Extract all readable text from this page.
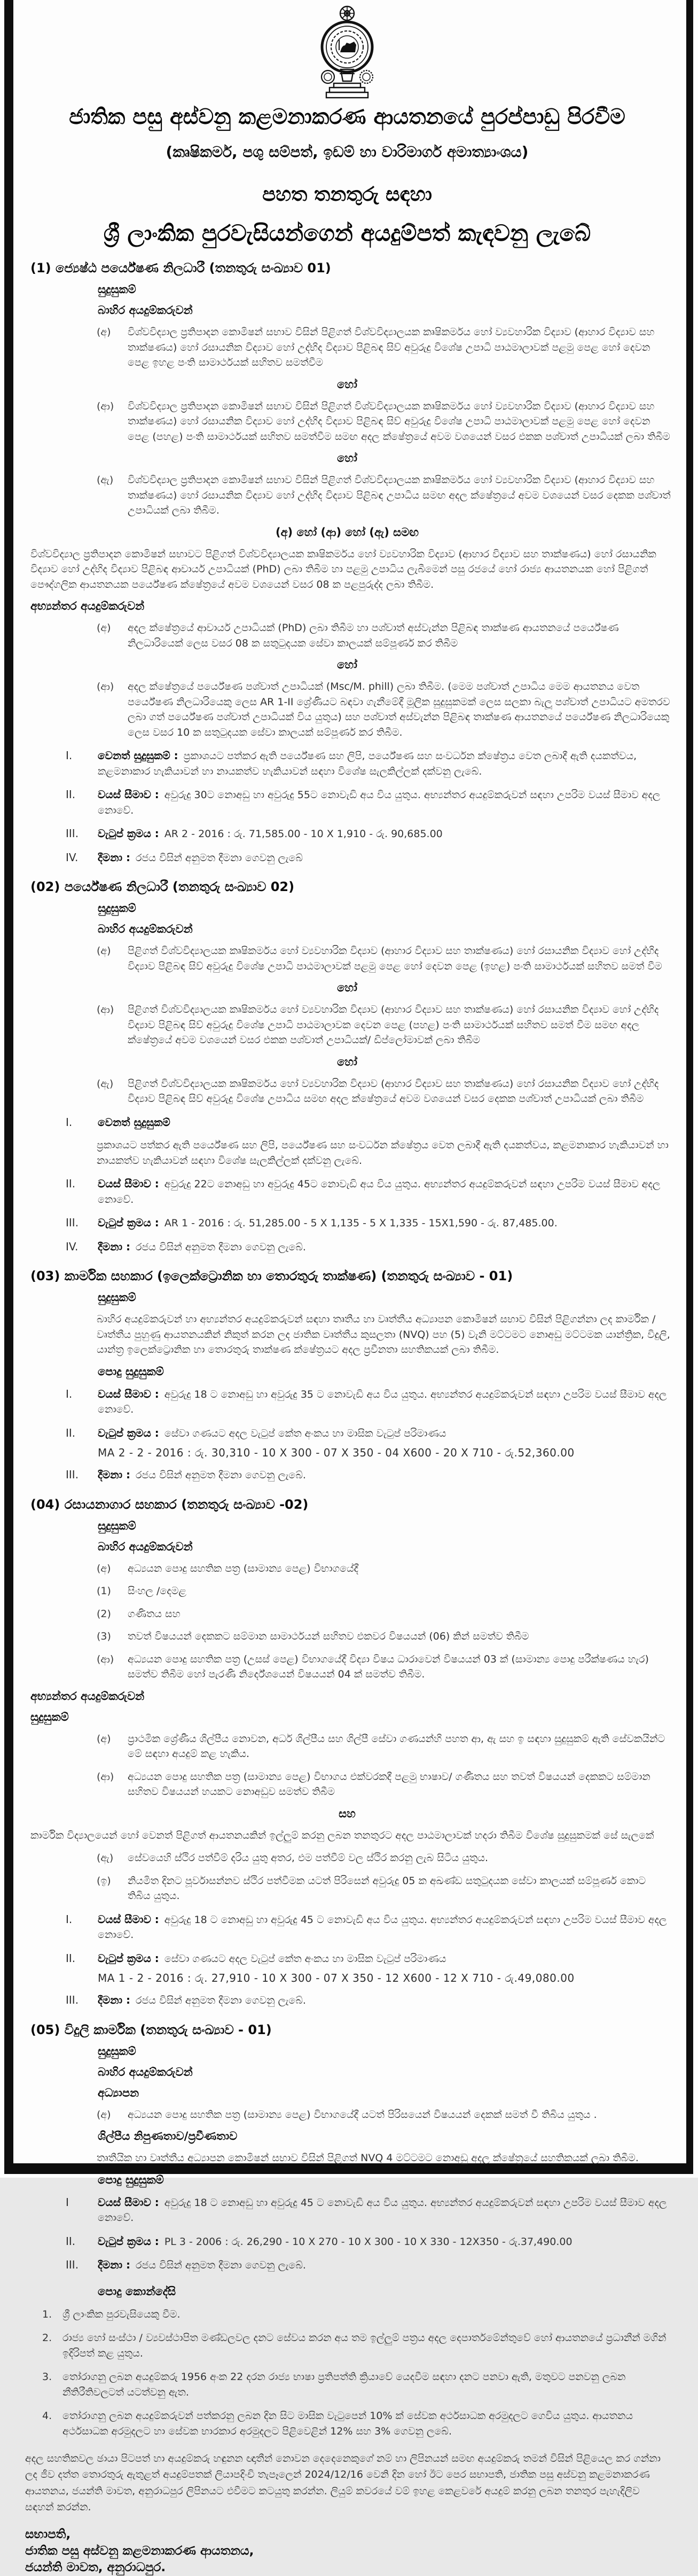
ජාතික පසු අස්වනු කළමනාකරණ ආයතනයේ පුරප්පාඩු පිරවීම
(කෘෂිකර්ම, පශු සම්පත්, ඉඩම් හා වාරිමාර්ග අමාත්‍යාංශය)
පහත තනතුරු සඳහා
ශ්‍රී ලාංකික පුරවැසියන්ගෙන් අයදුම්පත් කැඳවනු ලැබේ
(1) ජ්‍යෙෂ්ඨ පර්යේෂණ නිලධාරී (තනතුරු සංඛ්‍යාව 01)
සුදුසුකම්
බාහිර අයදුම්කරුවන්
(අ)	විශ්වවිද්‍යාල ප්‍රතිපාදන කොමිෂන් සභාව විසින් පිළිගත් විශ්වවිද්‍යාලයක කෘෂිකර්මය හෝ ව්‍යවහාරික විද්‍යාව (ආහාර විද්‍යාව සහ තාක්ෂණය) හෝ රසායනික විද්‍යාව හෝ උද්භිද විද්‍යාව පිළිබඳ සිව් අවුරුදු විශේෂ උපාධි පාඨමාලාවක් පළමු පෙළ හෝ දෙවන පෙළ ඉහළ පංති සාමාර්ථයක් සහිතව සමත්වීම
හෝ
(ආ)	විශ්වවිද්‍යාල ප්‍රතිපාදන කොමිෂන් සභාව විසින් පිළිගත් විශ්වවිද්‍යාලයක කෘෂිකර්මය හෝ ව්‍යවහාරික විද්‍යාව (ආහාර විද්‍යාව සහ තාක්ෂණය) හෝ රසායනික විද්‍යාව හෝ උද්භිද විද්‍යාව පිළිබඳ සිව් අවුරුදු විශේෂ උපාධි පාඨමාලාවක් පළමු පෙළ හෝ දෙවන පෙළ (පහළ) පංති සාමාර්ථයක් සහිතව සමත්වීම සමඟ අදල ක්ෂේත්‍රයේ අවම වශයෙන් වසර එකක පශ්චාත් උපාධියක් ලබා තිබීම
හෝ
(ඇ)	විශ්වවිද්‍යාල ප්‍රතිපාදන කොමිෂන් සභාව විසින් පිළිගත් විශ්වවිද්‍යාලයක කෘෂිකර්මය හෝ ව්‍යවහාරික විද්‍යාව (ආහාර විද්‍යාව සහ තාක්ෂණය) හෝ රසායනික විද්‍යාව හෝ උද්භිද විද්‍යාව පිළිබඳ උපාධිය සමඟ අදල ක්ෂේත්‍රයේ අවම වශයෙන් වසර දෙකක පශ්චාත් උපාධියක් ලබා තිබීම.
(අ) හෝ (ආ) හෝ (ඇ) සමඟ
විශ්වවිද්‍යාල ප්‍රතිපාදන කොමිෂන් සභාවට පිළිගත් විශ්වවිද්‍යාලයක කෘෂිකර්මය හෝ ව්‍යවහාරික විද්‍යාව (ආහාර විද්‍යාව සහ තාක්ෂණය) හෝ රසායනික විද්‍යාව හෝ උද්භිද විද්‍යාව පිළිබඳ ආචාර්ය උපාධියක් (PhD) ලබා තිබීම හා පළමු උපාධිය ලැබීමෙන් පසු රජයේ හෝ රාජ්‍ය ආයතනයක හෝ පිළිගත් පෞද්ගලික ආයතනයක පර්යේෂණ ක්ෂේත්‍රයේ අවම වශයෙන් වසර 08 ක පළපුරුද්ද ලබා තිබීම.
අභ්‍යන්තර අයදුම්කරුවන්
(අ)	අදල ක්ෂේත්‍රයේ ආචාර්ය උපාධියක් (PhD) ලබා තිබීම හා පශ්චාත් අස්වැන්න පිළිබඳ තාක්ෂණ ආයතනයේ පර්යේෂණ නිලධාරියෙක් ලෙස වසර 08 ක සතුටුදයක සේවා කාලයක් සම්පූර්ණ කර තිබීම
හෝ
(ආ)	අදල ක්ෂේත්‍රයේ පර්යේෂණ පශ්චාත් උපාධියක් (Msc/M. phill) ලබා තිබීම. (මෙම පශ්චාත් උපාධිය මෙම ආයතනය වෙත පර්යේෂණ නිලධාරියෙකු ලෙස AR 1-II ශ්‍රේණියට බඳවා ගැනීමේදී මූලික සුදුසුකමක් ලෙස සලකා බැලූ පශ්චාත් උපාධියට අමතරව ලබා ගත් පර්යේෂණ පශ්චාත් උපාධියක් විය යුතුය) සහ පශ්චාත් අස්වැන්න පිළිබඳ තාක්ෂණ ආයතනයේ පර්යේෂණ නිලධාරියෙකු ලෙස වසර 10 ක සතුටුදයක සේවා කාලයක් සම්පූර්ණ කර තිබීම.
I.	වෙනත් සුදුසුකම් : ප්‍රකාශයට පත්කර ඇති පර්යේෂණ සහ ලිපි, පර්යේෂණ සහ සංවර්ධන ක්ෂේත්‍රය වෙත ලබාදී ඇති දයකත්වය, කළමනාකාර හැකියාවන් හා නායකත්ව හැකියාවන් සඳහා විශේෂ සැලකිල්ලක් දක්වනු ලැබේ.
II.	වයස් සීමාව : අවුරුදු 30ට නොඅඩු හා අවුරුදු 55ට නොවැඩි අය විය යුතුය. අභ්‍යන්තර අයදුම්කරුවන් සඳහා උපරිම වයස් සීමාව අදල නොවේ.
III.	වැටුප් ක්‍රමය : AR 2 - 2016 : රු. 71,585.00 - 10 X 1,910 - රු. 90,685.00
IV.	දීමනා : රජය විසින් අනුමත දීමනා ගෙවනු ලැබේ
(02) පර්යේෂණ නිලධාරී (තනතුරු සංඛ්‍යාව 02)
සුදුසුකම්
බාහිර අයදුම්කරුවන්
(අ)	පිළිගත් විශ්වවිද්‍යාලයක කෘෂිකර්මය හෝ ව්‍යවහාරික විද්‍යාව (ආහාර විද්‍යාව සහ තාක්ෂණය) හෝ රසායනික විද්‍යාව හෝ උද්භිද විද්‍යාව පිළිබඳ සිව් අවුරුදු විශේෂ උපාධි පාඨමාලාවක් පළමු පෙළ හෝ දෙවන පෙළ (ඉහළ) පංති සාමාර්ථයක් සහිතව සමත් වීම
හෝ
(ආ)	පිළිගත් විශ්වවිද්‍යාලයක කෘෂිකර්මය හෝ ව්‍යවහාරික විද්‍යාව (ආහාර විද්‍යාව සහ තාක්ෂණය) හෝ රසායනික විද්‍යාව හෝ උද්භිද විද්‍යාව පිළිබඳ සිව් අවුරුදු විශේෂ උපාධි පාඨමාලාවක දෙවන පෙළ (පහළ) පංති සාමාර්ථයක් සහිතව සමත් වීම සමඟ අදල ක්ෂේත්‍රයේ අවම වශයෙන් වසර එකක පශ්චාත් උපාධියක්/ ඩිප්ලෝමාවක් ලබා තිබීම
හෝ
(ඇ)	පිළිගත් විශ්වවිද්‍යාලයක කෘෂිකර්මය හෝ ව්‍යවහාරික විද්‍යාව (ආහාර විද්‍යාව සහ තාක්ෂණය) හෝ රසායනික විද්‍යාව හෝ උද්භිද විද්‍යාව පිළිබඳ සිව් අවුරුදු විශේෂ උපාධිය සමඟ අදල ක්ෂේත්‍රයේ අවම වශයෙන් වසර දෙකක පශ්චාත් උපාධියක් ලබා තිබීම
I.	වෙනත් සුදුසුකම්
ප්‍රකාශයට පත්කර ඇති පර්යේෂණ සහ ලිපි, පර්යේෂණ සහ සංවර්ධන ක්ෂේත්‍රය වෙත ලබාදී ඇති දයකත්වය, කළමනාකාර හැකියාවන් හා නායකත්ව හැකියාවන් සඳහා විශේෂ සැලකිල්ලක් දක්වනු ලැබේ.
II.	වයස් සීමාව : අවුරුදු 22ට නොඅඩු හා අවුරුදු 45ට නොවැඩි අය විය යුතුය. අභ්‍යන්තර අයදුම්කරුවන් සඳහා උපරිම වයස් සීමාව අදල නොවේ.
III.	වැටුප් ක්‍රමය : AR 1 - 2016 : රු. 51,285.00 - 5 X 1,135 - 5 X 1,335 - 15X1,590 - රු. 87,485.00.
IV.	දීමනා : රජය විසින් අනුමත දීමනා ගෙවනු ලැබේ.
(03) කාර්මික සහකාර (ඉලෙක්ට්‍රොනික හා තොරතුරු තාක්ෂණ) (තනතුරු සංඛ්‍යාව - 01)
සුදුසුකම්
බාහිර අයදුම්කරුවන් හා අභ්‍යන්තර අයදුම්කරුවන් සඳහා තෘතීය හා වෘත්තීය අධ්‍යාපන කොමිෂන් සභාව විසින් පිළිගන්නා ලද කාර්මික / වෘත්තීය පුහුණු ආයතනයකින් නිකුත් කරන ලද ජාතික වෘත්තීය කුසලතා (NVQ) පහ (5) වැනි මට්ටමට නොඅඩු මට්ටමක යාන්ත්‍රික, විදුලි, යාන්ත්‍ර ඉලෙක්ට්‍රොනික හා තොරතුරු තාක්ෂණ ක්ෂේත්‍රයට අදල ප්‍රවීනතා සහතිකයක් ලබා තිබීම.
පොදු සුදුසුකම්
I.	වයස් සීමාව : අවුරුදු 18 ට නොඅඩු හා අවුරුදු 35 ට නොවැඩි අය විය යුතුය. අභ්‍යන්තර අයදුම්කරුවන් සඳහා උපරිම වයස් සීමාව අදල නොවේ.
II.	වැටුප් ක්‍රමය : සේවා ගණයට අදල වැටුප් කේත අංකය හා මාසික වැටුප් පරිමාණය
MA 2 - 2 - 2016 : රු. 30,310 - 10 X 300 - 07 X 350 - 04 X600 - 20 X 710 - රු.52,360.00
III.	දීමනා : රජය විසින් අනුමත දීමනා ගෙවනු ලැබේ.
(04) රසායනාගාර සහකාර (තනතුරු සංඛ්‍යාව -02)
සුදුසුකම්
බාහිර අයදුම්කරුවන්
(අ)	අධ්‍යයන පොදු සහතික පත්‍ර (සාමාන්‍ය පෙළ) විභාගයේදී
(1)	සිංහල /දෙමළ
(2)	ගණිතය සහ
(3)	තවත් විෂයයන් දෙකකට සම්මාන සාමාර්ථයන් සහිතව එකවර විෂයයන් (06) කින් සමත්ව තිබීම
(ආ)	අධ්‍යයන පොදු සහතික පත්‍ර (උසස් පෙළ) විභාගයේදී විද්‍යා විෂය ධාරාවෙන් විෂයයන් 03 ක් (සාමාන්‍ය පොදු පරීක්ෂණය හැර) සමත්ව තිබීම හෝ පැරණි නිර්දේශයෙන් විෂයයන් 04 ක් සමත්ව තිබීම.
අභ්‍යන්තර අයදුම්කරුවන්
සුදුසුකම්
(අ)	ප්‍රාථමික ශ්‍රේණීය ශිල්පීය නොවන, අර්ධ ශිල්පීය සහ ශිල්පී සේවා ගණයන්හි පහත ආ, ඇ සහ ඉ සඳහා සුදුසුකම් ඇති සේවකයින්ට මේ සඳහා අයදුම් කළ හැකිය.
(ආ)	අධ්‍යයන පොදු සහතික පත්‍ර (සාමාන්‍ය පෙළ) විභාගය එක්වරකදී පළමු භාෂාව/ ගණිතය සහ තවත් විෂයයන් දෙකකට සම්මාන සහිතව විෂයයන් හයකට නොඅඩුව සමත්ව තිබීම
සහ
කාර්මික විද්‍යාලයෙන් හෝ වෙනත් පිළිගත් ආයතනයකින් ඉල්ලුම් කරනු ලබන තනතුරට අදල පාඨමාලාවක් හදරා තිබීම විශේෂ සුදුසුකමක් සේ සැලකේ
(ඇ)	සේවයෙහි ස්ථිර පත්වීම් දරිය යුතු අතර, එම පත්වීම් වල ස්ථිර කරනු ලැබ සිටිය යුතුය.
(ඉ)	නියමිත දිනට පූර්වාසන්නව ස්ථිර පත්වීමක යටත් පිරිසෙන් අවුරුදු 05 ක අඛණ්ඩ සතුටුදයක සේවා කාලයක් සම්පූර්ණ කොට තිබිය යුතුය.
I.	වයස් සීමාව : අවුරුදු 18 ට නොඅඩු හා අවුරුදු 45 ට නොවැඩි අය විය යුතුය. අභ්‍යන්තර අයදුම්කරුවන් සඳහා උපරිම වයස් සීමාව අදල නොවේ.
II.	වැටුප් ක්‍රමය : සේවා ගණයට අදල වැටුප් කේත අංකය හා මාසික වැටුප් පරිමාණය
MA 1 - 2 - 2016 : රු. 27,910 - 10 X 300 - 07 X 350 - 12 X600 - 12 X 710 - රු.49,080.00
III.	දීමනා : රජය විසින් අනුමත දීමනා ගෙවනු ලැබේ.
(05) විදුලි කාර්මික (තනතුරු සංඛ්‍යාව - 01)
සුදුසුකම්
බාහිර අයදුම්කරුවන්
අධ්‍යාපන
(අ)	අධ්‍යයන පොදු සහතික පත්‍ර (සාමාන්‍ය පෙළ) විභාගයේදී යටත් පිරිසයෙන් විෂයයන් දෙකක් සමත් වී තිබිය යුතුය .
ශිල්පීය නිපුණතාව/ප්‍රවීණතාව
තෘතීයික හා වෘත්තීය අධ්‍යාපන කොමිෂන් සභාව විසින් පිළිගත් NVQ 4 මට්ටමට නොඅඩු අදල ක්ෂේත්‍රයේ සහතිකයක් ලබා තිබීම.
පොදු සුදුසුකම්
I	වයස් සීමාව : අවුරුදු 18 ට නොඅඩු හා අවුරුදු 45 ට නොවැඩි අය විය යුතුය. අභ්‍යන්තර අයදුම්කරුවන් සඳහා උපරිම වයස් සීමාව අදල නොවේ.
II.	වැටුප් ක්‍රමය : PL 3 - 2006 : රු. 26,290 - 10 X 270 - 10 X 300 - 10 X 330 - 12X350 - රු.37,490.00
III.	දීමනා : රජය විසින් අනුමත දීමනා ගෙවනු ලැබේ.
පොදු කොන්දේසි
1.	ශ්‍රී ලාංකික පුරවැසියෙකු වීම.
2.	රාජ්‍ය හෝ සංස්ථා / ව්‍යවස්ථාපිත මණ්ඩලවල දනට සේවය කරන අය තම ඉල්ලුම් පත්‍රය අදල දෙපාර්තමේන්තුවේ හෝ ආයතනයේ ප්‍රධානීන් මගින් ඉදිරිපත් කළ යුතුය.
3.	තෝරාගනු ලබන අයදුම්කරු 1956 අංක 22 දරන රාජ්‍ය භාෂා ප්‍රතිපත්ති ක්‍රියාවේ යෙදවීම සඳහා දනට පනවා ඇති, මතුවට පනවනු ලබන නීතිරීතිවලටත් යටත්වනු ඇත.
4.	තෝරාගනු ලබන අයදුම්කරුවන් පත්කරනු ලබන දින සිට මාසික වැටුපෙන් 10% ක් සේවක අර්ථසාධක අරමුදලට ගෙවිය යුතුය. ආයතනය අර්ථසාධක අරමුදලට හා සේවක භාරකාර අරමුදලට පිළිවෙළින් 12% සහ 3% ගෙවනු ලබේ.
අදල සහතිකවල ඡායා පිටපත් හා අයදුම්කරු හඳුනන ඥාතීන් නොවන දෙදෙනෙකුගේ නම් හා ලිපිනයන් සමඟ අයදුම්කරු තමන් විසින් පිළියෙල කර ගන්නා ලද ජීව දත්ත තොරතුරු ඇතුළත් අයදුම්පතක් ලියාපදිංචි තැපෑලෙන් 2024/12/16 වෙනි දින හෝ ඊට පෙර සභාපති, ජාතික පසු අස්වනු කළමනාකරණ ආයතනය, ජයන්ති මාවත, අනුරාධපුර ලිපිනයට එවීමට කටයුතු කරන්න. ලියුම් කවරයේ වම් ඉහළ කෙළවරේ අයදුම් කරනු ලබන තනතුර පැහැදිලිව සඳහන් කරන්න.
සභාපති,
ජාතික පසු අස්වනු කළමනාකරණ ආයතනය,
ජයන්ති මාවත, අනුරාධපුර.
